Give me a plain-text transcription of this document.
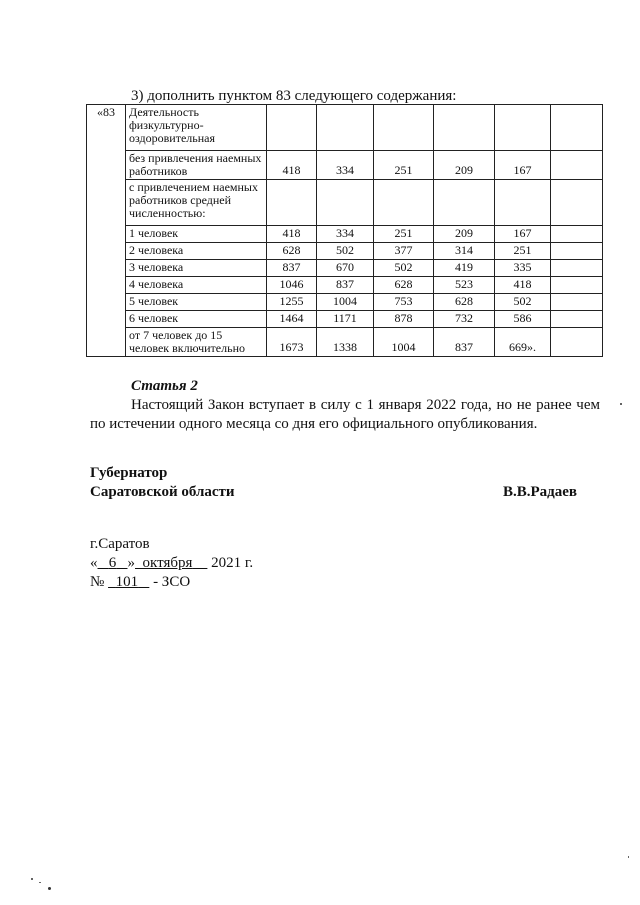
3) дополнить пунктом 83 следующего содержания:
«83	Деятельность физкультурно-оздоровительная						
	без привлечения наемных работников	418	334	251	209	167	
	с привлечением наемных работников средней численностью:						
	1 человек	418	334	251	209	167	
	2 человека	628	502	377	314	251	
	3 человека	837	670	502	419	335	
	4 человека	1046	837	628	523	418	
	5 человек	1255	1004	753	628	502	
	6 человек	1464	1171	878	732	586	
	от 7 человек до 15 человек включительно	1673	1338	1004	837	669».	
Статья 2
Настоящий Закон вступает в силу с 1 января 2022 года, но не ранее чем по истечении одного месяца со дня его официального опубликования.
Губернатор
Саратовской области	В.В.Радаев
г.Саратов
« 6 » октября 2021 г.
№ 101 - ЗСО
